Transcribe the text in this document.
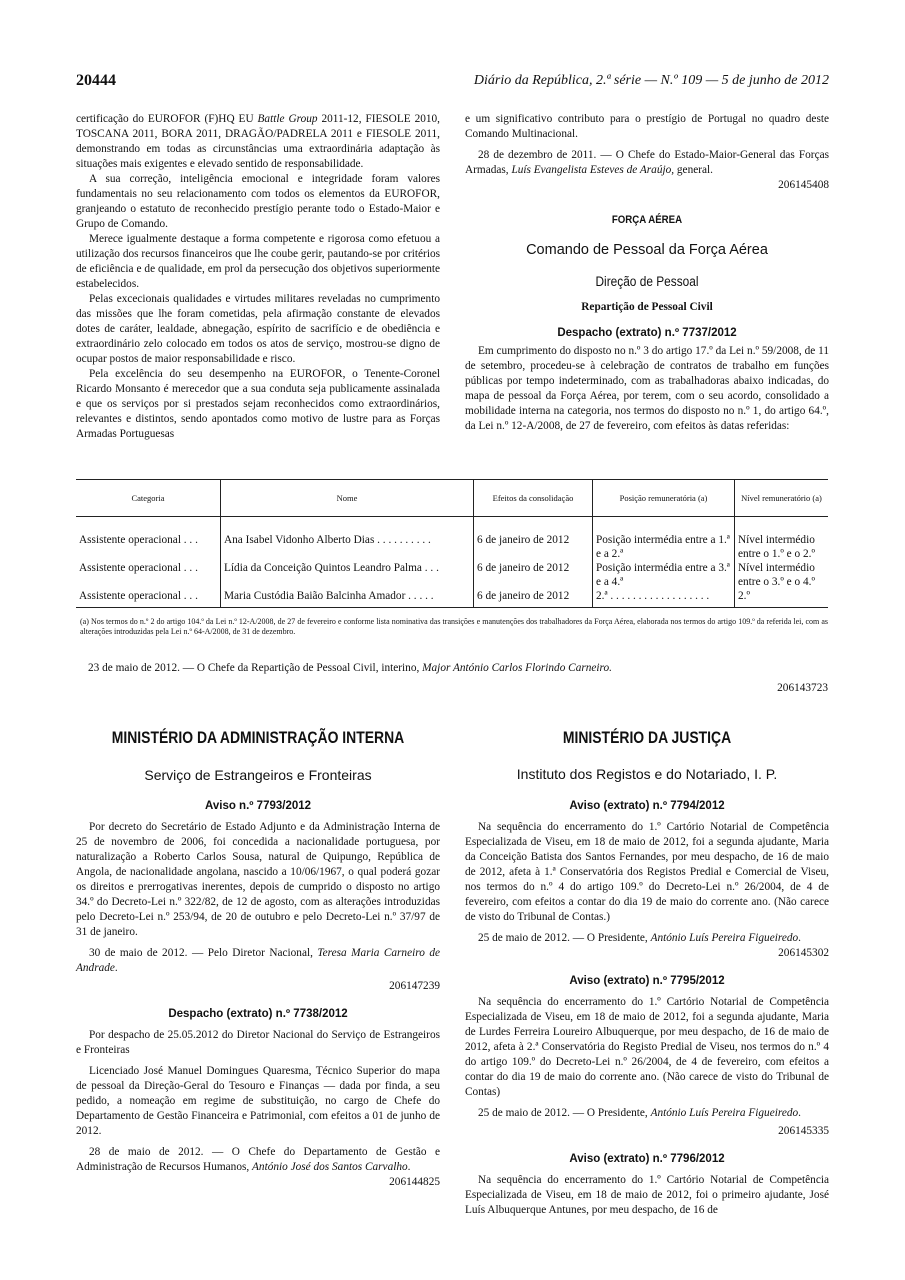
20444	Diário da República, 2.ª série — N.º 109 — 5 de junho de 2012

certificação do EUROFOR (F)HQ EU Battle Group 2011-12, FIESOLE 2010, TOSCANA 2011, BORA 2011, DRAGÃO/PADRELA 2011 e FIESOLE 2011, demonstrando em todas as circunstâncias uma extraordinária adaptação às situações mais exigentes e elevado sentido de responsabilidade.

A sua correção, inteligência emocional e integridade foram valores fundamentais no seu relacionamento com todos os elementos da EUROFOR, granjeando o estatuto de reconhecido prestígio perante todo o Estado-Maior e Grupo de Comando.

Merece igualmente destaque a forma competente e rigorosa como efetuou a utilização dos recursos financeiros que lhe coube gerir, pautando-se por critérios de eficiência e de qualidade, em prol da persecução dos objetivos superiormente estabelecidos.

Pelas excecionais qualidades e virtudes militares reveladas no cumprimento das missões que lhe foram cometidas, pela afirmação constante de elevados dotes de caráter, lealdade, abnegação, espírito de sacrifício e de obediência e extraordinário zelo colocado em todos os atos de serviço, mostrou-se digno de ocupar postos de maior responsabilidade e risco.

Pela excelência do seu desempenho na EUROFOR, o Tenente-Coronel Ricardo Monsanto é merecedor que a sua conduta seja publicamente assinalada e que os serviços por si prestados sejam reconhecidos como extraordinários, relevantes e distintos, sendo apontados como motivo de lustre para as Forças Armadas Portuguesas

e um significativo contributo para o prestígio de Portugal no quadro deste Comando Multinacional.

28 de dezembro de 2011. — O Chefe do Estado-Maior-General das Forças Armadas, Luís Evangelista Esteves de Araújo, general.

206145408

FORÇA AÉREA

Comando de Pessoal da Força Aérea

Direção de Pessoal

Repartição de Pessoal Civil

Despacho (extrato) n.º 7737/2012

Em cumprimento do disposto no n.º 3 do artigo 17.º da Lei n.º 59/2008, de 11 de setembro, procedeu-se à celebração de contratos de trabalho em funções públicas por tempo indeterminado, com as trabalhadoras abaixo indicadas, do mapa de pessoal da Força Aérea, por terem, com o seu acordo, consolidado a mobilidade interna na categoria, nos termos do disposto no n.º 1, do artigo 64.º, da Lei n.º 12-A/2008, de 27 de fevereiro, com efeitos às datas referidas:

Categoria	Nome	Efeitos da consolidação	Posição remuneratória (a)	Nível remuneratório (a)
Assistente operacional . . .	Ana Isabel Vidonho Alberto Dias . . . . . . . . . .	6 de janeiro de 2012	Posição intermédia entre a 1.ª e a 2.ª	Nível intermédio entre o 1.º e o 2.º
Assistente operacional . . .	Lídia da Conceição Quintos Leandro Palma . . .	6 de janeiro de 2012	Posição intermédia entre a 3.ª e a 4.ª	Nível intermédio entre o 3.º e o 4.º
Assistente operacional . . .	Maria Custódia Baião Balcinha Amador . . . . .	6 de janeiro de 2012	2.ª . . . . . . . . . . . . . . . . . .	2.º
(a) Nos termos do n.º 2 do artigo 104.º da Lei n.º 12-A/2008, de 27 de fevereiro e conforme lista nominativa das transições e manutenções dos trabalhadores da Força Aérea, elaborada nos termos do artigo 109.º da referida lei, com as alterações introduzidas pela Lei n.º 64-A/2008, de 31 de dezembro.
23 de maio de 2012. — O Chefe da Repartição de Pessoal Civil, interino, Major António Carlos Florindo Carneiro.
206143723
MINISTÉRIO DA ADMINISTRAÇÃO INTERNA	MINISTÉRIO DA JUSTIÇA
Serviço de Estrangeiros e Fronteiras	Instituto dos Registos e do Notariado, I. P.

Aviso n.º 7793/2012

Por decreto do Secretário de Estado Adjunto e da Administração Interna de 25 de novembro de 2006, foi concedida a nacionalidade portuguesa, por naturalização a Roberto Carlos Sousa, natural de Quipungo, República de Angola, de nacionalidade angolana, nascido a 10/06/1967, o qual poderá gozar os direitos e prerrogativas inerentes, depois de cumprido o disposto no artigo 34.º do Decreto-Lei n.º 322/82, de 12 de agosto, com as alterações introduzidas pelo Decreto-Lei n.º 253/94, de 20 de outubro e pelo Decreto-Lei n.º 37/97 de 31 de janeiro.

30 de maio de 2012. — Pelo Diretor Nacional, Teresa Maria Carneiro de Andrade.

206147239

Despacho (extrato) n.º 7738/2012

Por despacho de 25.05.2012 do Diretor Nacional do Serviço de Estrangeiros e Fronteiras

Licenciado José Manuel Domingues Quaresma, Técnico Superior do mapa de pessoal da Direção-Geral do Tesouro e Finanças — dada por finda, a seu pedido, a nomeação em regime de substituição, no cargo de Chefe do Departamento de Gestão Financeira e Patrimonial, com efeitos a 01 de junho de 2012.

28 de maio de 2012. — O Chefe do Departamento de Gestão e Administração de Recursos Humanos, António José dos Santos Carvalho.

206144825

Aviso (extrato) n.º 7794/2012

Na sequência do encerramento do 1.º Cartório Notarial de Competência Especializada de Viseu, em 18 de maio de 2012, foi a segunda ajudante, Maria da Conceição Batista dos Santos Fernandes, por meu despacho, de 16 de maio de 2012, afeta à 1.ª Conservatória dos Registos Predial e Comercial de Viseu, nos termos do n.º 4 do artigo 109.º do Decreto-Lei n.º 26/2004, de 4 de fevereiro, com efeitos a contar do dia 19 de maio do corrente ano. (Não carece de visto do Tribunal de Contas.)

25 de maio de 2012. — O Presidente, António Luís Pereira Figueiredo.

206145302

Aviso (extrato) n.º 7795/2012

Na sequência do encerramento do 1.º Cartório Notarial de Competência Especializada de Viseu, em 18 de maio de 2012, foi a segunda ajudante, Maria de Lurdes Ferreira Loureiro Albuquerque, por meu despacho, de 16 de maio de 2012, afeta à 2.ª Conservatória do Registo Predial de Viseu, nos termos do n.º 4 do artigo 109.º do Decreto-Lei n.º 26/2004, de 4 de fevereiro, com efeitos a contar do dia 19 de maio do corrente ano. (Não carece de visto do Tribunal de Contas)

25 de maio de 2012. — O Presidente, António Luís Pereira Figueiredo.

206145335

Aviso (extrato) n.º 7796/2012

Na sequência do encerramento do 1.º Cartório Notarial de Competência Especializada de Viseu, em 18 de maio de 2012, foi o primeiro ajudante, José Luís Albuquerque Antunes, por meu despacho, de 16 de
